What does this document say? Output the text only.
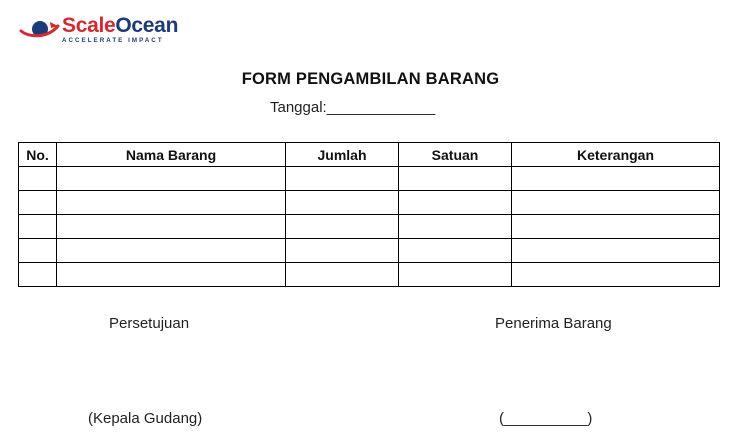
ScaleOcean
ACCELERATE IMPACT
FORM PENGAMBILAN BARANG
Tanggal:_____________
No.	Nama Barang	Jumlah	Satuan	Keterangan

Persetujuan	Penerima Barang
(Kepala Gudang)	(__________)
